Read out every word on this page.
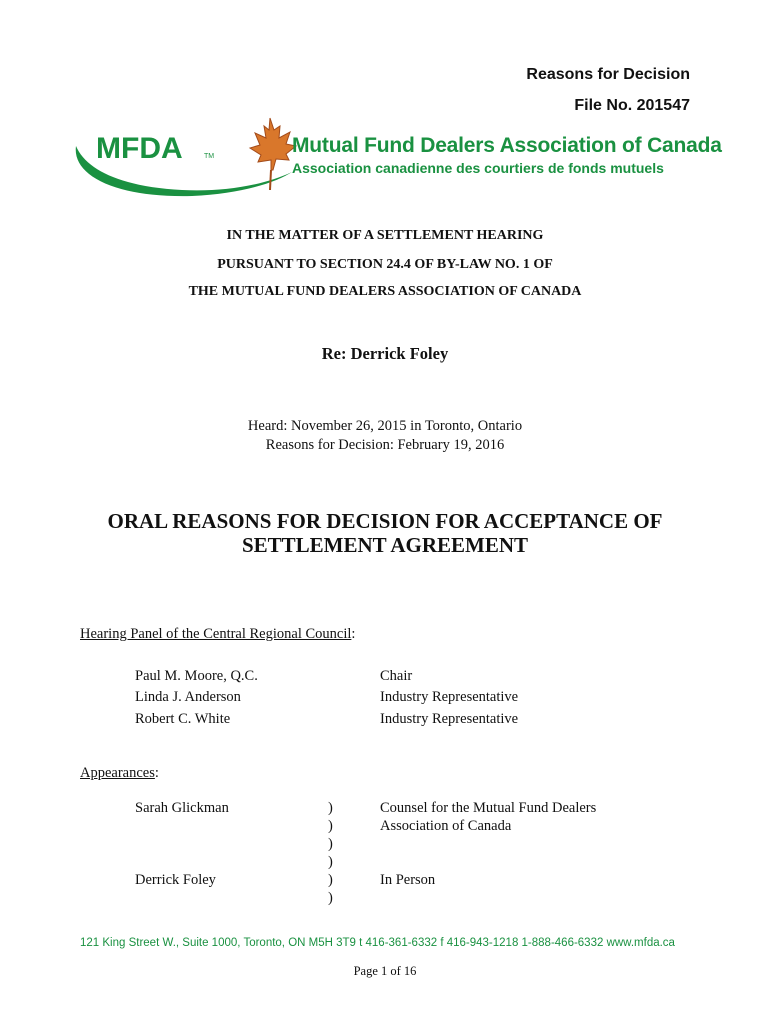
Reasons for Decision
File No. 201547
MFDA	TM	Mutual Fund Dealers Association of Canada
Association canadienne des courtiers de fonds mutuels
IN THE MATTER OF A SETTLEMENT HEARING
PURSUANT TO SECTION 24.4 OF BY-LAW NO. 1 OF
THE MUTUAL FUND DEALERS ASSOCIATION OF CANADA
Re: Derrick Foley
Heard: November 26, 2015 in Toronto, Ontario
Reasons for Decision: February 19, 2016
ORAL REASONS FOR DECISION FOR ACCEPTANCE OF
SETTLEMENT AGREEMENT
Hearing Panel of the Central Regional Council:
Paul M. Moore, Q.C.	Chair
Linda J. Anderson	Industry Representative
Robert C. White	Industry Representative
Appearances:
Sarah Glickman	Counsel for the Mutual Fund Dealers
Association of Canada
Derrick Foley	In Person
)
)
)
)
)
)
121 King Street W., Suite 1000, Toronto, ON M5H 3T9 t 416-361-6332 f 416-943-1218 1-888-466-6332 www.mfda.ca
Page 1 of 16
